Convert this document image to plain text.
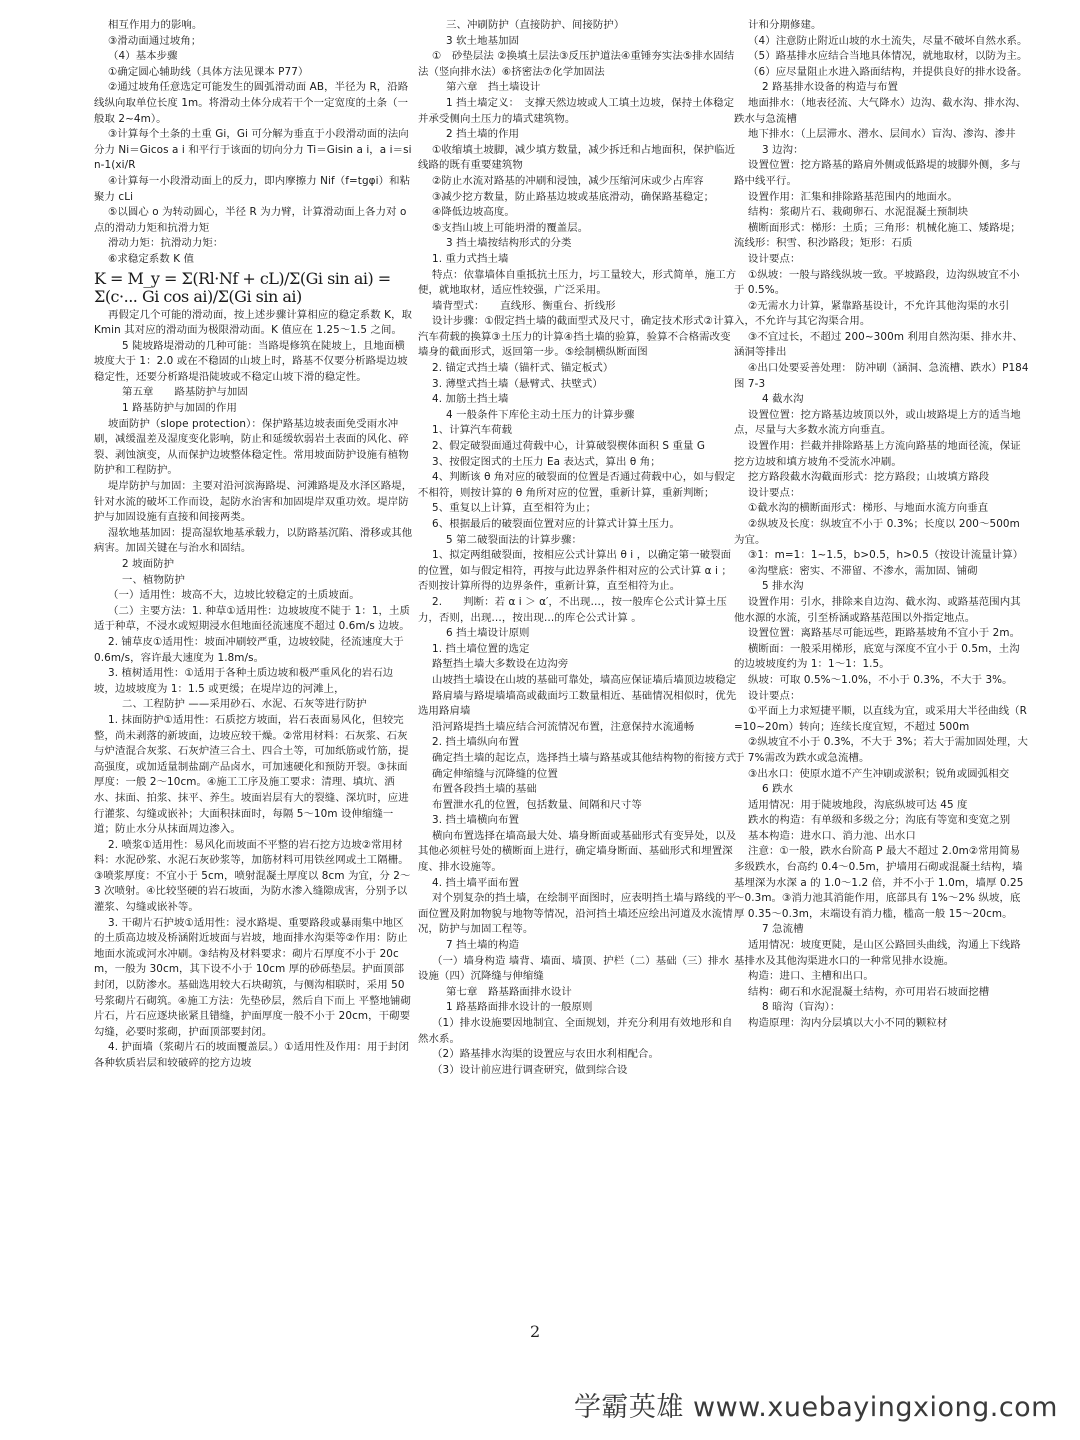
相互作用力的影响。

③滑动面通过坡角；

（4）基本步骤

①确定圆心辅助线（具体方法见课本 P77）

②通过坡角任意选定可能发生的圆弧滑动面 AB，半径为 R，沿路线纵向取单位长度 1m。将滑动土体分成若干个一定宽度的土条（一般取 2~4m）。

③计算每个土条的土重 Gi，Gi 可分解为垂直于小段滑动面的法向分力 Ni＝Gicos a i 和平行于该面的切向分力 Ti＝Gisin a i，a i＝sin-1(xi/R

④计算每一小段滑动面上的反力，即内摩擦力 Nif（f=tgφi）和粘聚力 cLi

⑤以圆心 o 为转动圆心，半径 R 为力臂，计算滑动面上各力对 o 点的滑动力矩和抗滑力矩

滑动力矩：抗滑动力矩：

⑥求稳定系数 K 值

K = M_y = Σ(Rl·Nf + cL)/Σ(Gi sin ai) = Σ(c·... Gi cos ai)/Σ(Gi sin ai)

再假定几个可能的滑动面，按上述步骤计算相应的稳定系数 K，取 Kmin 其对应的滑动面为极限滑动面。K 值应在 1.25～1.5 之间。

5 陡坡路堤滑动的几种可能：当路堤修筑在陡坡上，且地面横坡度大于 1：2.0 或在不稳固的山坡上时，路基不仅要分析路堤边坡稳定性，还要分析路堤沿陡坡或不稳定山坡下滑的稳定性。

第五章　　路基防护与加固

1 路基防护与加固的作用

坡面防护（slope protection）：保护路基边坡表面免受雨水冲刷，减缓温差及湿度变化影响，防止和延缓软弱岩土表面的风化、碎裂、剥蚀演变，从而保护边坡整体稳定性。常用坡面防护设施有植物防护和工程防护。

堤岸防护与加固：主要对沿河滨海路堤、河滩路堤及水泽区路堤，针对水流的破坏工作而设，起防水治害和加固堤岸双重功效。堤岸防护与加固设施有直接和间接两类。

湿软地基加固：提高湿软地基承载力，以防路基沉陷、滑移或其他病害。加固关键在与治水和固结。

2 坡面防护

一、植物防护

（一）适用性：坡高不大，边坡比较稳定的土质坡面。

（二）主要方法：1. 种草①适用性：边坡坡度不陡于 1：1，土质适于种草，不浸水或短期浸水但地面径流速度不超过 0.6m/s 边坡。

2. 铺草皮①适用性：坡面冲刷较严重，边坡较陡，径流速度大于 0.6m/s，容许最大速度为 1.8m/s。

3. 植树适用性：①适用于各种土质边坡和极严重风化的岩石边坡，边坡坡度为 1：1.5 或更缓；在堤岸边的河滩上，

二、工程防护 ——采用砂石、水泥、石灰等进行防护

1. 抹面防护①适用性：石质挖方坡面，岩石表面易风化，但较完整，尚未剥落的新坡面，边坡应较干燥。②常用材料：石灰浆、石灰与炉渣混合灰浆、石灰炉渣三合土、四合土等，可加纸筋或竹筋，提高强度，或加适量制盐副产品卤水，可加速硬化和预防开裂。③抹面厚度：一般 2～10cm。④施工工序及施工要求：清理、填坑、洒水、抹面、拍浆、抹平、养生。坡面岩层有大的裂缝、深坑时，应进行灌浆、勾缝或嵌补；大面积抹面时，每隔 5～10m 设伸缩缝一道；防止水分从抹面周边渗入。

2. 喷浆①适用性：易风化而坡面不平整的岩石挖方边坡②常用材料：水泥砂浆、水泥石灰砂浆等，加筋材料可用铁丝网或土工隔栅。③喷浆厚度：不宜小于 5cm，喷射混凝土厚度以 8cm 为宜，分 2～3 次喷射。④比较坚硬的岩石坡面，为防水渗入缝隙成害，分别予以灌浆、勾缝或嵌补等。

3. 干砌片石护坡①适用性：浸水路堤、重要路段或暴雨集中地区的土质高边坡及桥涵附近坡面与岩坡，地面排水沟渠等②作用：防止地面水流或河水冲刷。③结构及材料要求：砌片石厚度不小于 20cm，一般为 30cm，其下设不小于 10cm 厚的砂砾垫层。护面顶部封闭，以防渗水。基础选用较大石块砌筑，与侧沟相联时，采用 50 号浆砌片石砌筑。④施工方法：先垫砂层，然后自下而上 平整地铺砌片石，片石应逐块嵌紧且错缝，护面厚度一般不小于 20cm，干砌要勾缝，必要时浆砌，护面顶部要封闭。

4. 护面墙（浆砌片石的坡面覆盖层。）①适用性及作用：用于封闭各种软质岩层和较破碎的挖方边坡

三、冲刷防护（直接防护、间接防护）

3 软土地基加固

①　砂垫层法 ②换填土层法③反压护道法④重锤夯实法⑤排水固结法（竖向排水法）⑥挤密法⑦化学加固法

第六章　挡土墙设计

1 挡土墙定义：　支撑天然边坡或人工填土边坡，保持土体稳定并承受侧向土压力的墙式建筑物。

2 挡土墙的作用

①收缩填土坡脚，减少填方数量，减少拆迁和占地面积，保护临近线路的既有重要建筑物

②防止水流对路基的冲刷和浸蚀，减少压缩河床或少占库容

③减少挖方数量，防止路基边坡或基底滑动，确保路基稳定；

④降低边坡高度。

⑤支挡山坡上可能坍滑的覆盖层。

3 挡土墙按结构形式的分类

1. 重力式挡土墙

特点：依靠墙体自重抵抗土压力，圬工量较大，形式简单，施工方便，就地取材，适应性较强，广泛采用。

墙背型式：　　直线形、衡重台、折线形

设计步骤：①假定挡土墙的截面型式及尺寸，确定技术形式②计算汽车荷载的换算③土压力的计算④挡土墙的验算，验算不合格需改变墙身的截面形式，返回第一步。⑤绘制横纵断面图

2. 锚定式挡土墙（锚杆式、锚定板式）

3. 薄壁式挡土墙（悬臂式、扶壁式）

4. 加筋土挡土墙

4 一般条件下库伦主动土压力的计算步骤

1、计算汽车荷载

2、假定破裂面通过荷载中心，计算破裂楔体面积 S 重量 G

3、按假定图式的土压力 Ea 表达式，算出 θ 角；

4、判断该 θ 角对应的破裂面的位置是否通过荷载中心，如与假定不相符，则按计算的 θ 角所对应的位置，重新计算，重新判断；

5、重复以上计算，直至相符为止；

6、根据最后的破裂面位置对应的计算式计算土压力。

5 第二破裂面法的计算步骤：

1、拟定两组破裂面，按相应公式计算出 θ i ，以确定第一破裂面的位置，如与假定相符，再按与此边界条件相对应的公式计算 α i ；否则按计算所得的边界条件，重新计算，直至相符为止。

2.　　判断：若 α i ＞ α′，不出现…，按一般库仑公式计算土压力，否则，出现…，按出现…的库仑公式计算 。

6 挡土墙设计原则

1. 挡土墙位置的选定

路堑挡土墙大多数设在边沟旁

山坡挡土墙设在山坡的基础可靠处，墙高应保证墙后墙顶边坡稳定

路肩墙与路堤墙墙高或截面圬工数量相近、基础情况相似时，优先选用路肩墙

沿河路堤挡土墙应结合河流情况布置，注意保持水流通畅

2. 挡土墙纵向布置

确定挡土墙的起讫点，选择挡土墙与路基或其他结构物的衔接方式

确定伸缩缝与沉降缝的位置

布置各段挡土墙的基础

布置泄水孔的位置，包括数量、间隔和尺寸等

3. 挡土墙横向布置

横向布置选择在墙高最大处、墙身断面或基础形式有变异处，以及其他必须桩号处的横断面上进行，确定墙身断面、基础形式和埋置深度、排水设施等。

4. 挡土墙平面布置

对个别复杂的挡土墙，在绘制平面图时，应表明挡土墙与路线的平面位置及附加物貌与地物等情况，沿河挡土墙还应绘出河道及水流情况，防护与加固工程等。

7 挡土墙的构造

（一）墙身构造 墙背、墙面、墙顶、护栏（二）基础（三）排水设施（四）沉降缝与伸缩缝

第七章　路基路面排水设计

1 路基路面排水设计的一般原则

（1）排水设施要因地制宜、全面规划，并充分利用有效地形和自然水系。

（2）路基排水沟渠的设置应与农田水利相配合。

（3）设计前应进行调查研究，做到综合设

计和分期修建。

（4）注意防止附近山坡的水土流失，尽量不破坏自然水系。

（5）路基排水应结合当地具体情况，就地取材，以防为主。

（6）应尽量阻止水进入路面结构，并提供良好的排水设备。

2 路基排水设备的构造与布置

地面排水：（地表径流、大气降水）边沟、截水沟、排水沟、跌水与急流槽

地下排水：（上层滞水、潜水、层间水）盲沟、渗沟、渗井

3 边沟：

设置位置：挖方路基的路肩外侧或低路堤的坡脚外侧，多与路中线平行。

设置作用：汇集和排除路基范围内的地面水。

结构：浆砌片石、栽砌卵石、水泥混凝土预制块

横断面形式：梯形：土质；三角形：机械化施工、矮路堤；流线形：积雪、积沙路段；矩形：石质

设计要点：

①纵坡：一般与路线纵坡一致。平坡路段，边沟纵坡宜不小于 0.5%。

②无需水力计算，紧靠路基设计，不允许其他沟渠的水引入，不允许与其它沟渠合用。

③不宜过长，不超过 200~300m 利用自然沟渠、排水井、涵洞等排出

④出口处要妥善处理： 防冲刷（涵洞、急流槽、跌水）P184 图 7-3

4 截水沟

设置位置：挖方路基边坡顶以外，或山坡路堤上方的适当地点，尽量与大多数水流方向垂直。

设置作用：拦截并排除路基上方流向路基的地面径流，保证挖方边坡和填方坡角不受流水冲刷。

挖方路段截水沟截面形式：挖方路段；山坡填方路段

设计要点：

①截水沟的横断面形式：梯形、与地面水流方向垂直

②纵坡及长度：纵坡宜不小于 0.3%；长度以 200～500m 为宜。

③1：m=1：1~1.5，b>0.5，h>0.5（按设计流量计算）

④沟壁底：密实、不滞留、不渗水，需加固、铺砌

5 排水沟

设置作用：引水，排除来自边沟、截水沟、或路基范围内其他水源的水流，引至桥涵或路基范围以外指定地点。

设置位置：离路基尽可能远些，距路基坡角不宜小于 2m。

横断面：一般采用梯形，底宽与深度不宜小于 0.5m，土沟的边坡坡度约为 1：1～1：1.5。

纵坡：可取 0.5%～1.0%，不小于 0.3%，不大于 3%。

设计要点：

①平面上力求短捷平顺，以直线为宜，或采用大半径曲线（R=10~20m）转向；连续长度宜短，不超过 500m

②纵坡宜不小于 0.3%，不大于 3%；若大于需加固处理，大于 7%需改为跌水或急流槽。

③出水口：使原水道不产生冲刷或淤积；锐角或圆弧相交

6 跌水

适用情况：用于陡坡地段，沟底纵坡可达 45 度

跌水的构造：有单级和多级之分；沟底有等宽和变宽之别

基本构造：进水口、消力池、出水口

注意：①一般，跌水台阶高 P 最大不超过 2.0m②常用简易多级跌水，台高约 0.4～0.5m，护墙用石砌或混凝土结构，墙基埋深为水深 a 的 1.0～1.2 倍，并不小于 1.0m，墙厚 0.25～0.3m。③消力池其消能作用，底部具有 1%～2% 纵坡，底厚 0.35～0.3m，末端设有消力槛，槛高一般 15～20cm。

7 急流槽

适用情况：坡度更陡，是山区公路回头曲线，沟通上下线路基排水及其他沟渠进水口的一种常见排水设施。

构造：进口、主槽和出口。

结构：砌石和水泥混凝土结构，亦可用岩石坡面挖槽

8 暗沟（盲沟）：

构造原理：沟内分层填以大小不同的颗粒材

2
学霸英雄 www.xuebayingxiong.com
